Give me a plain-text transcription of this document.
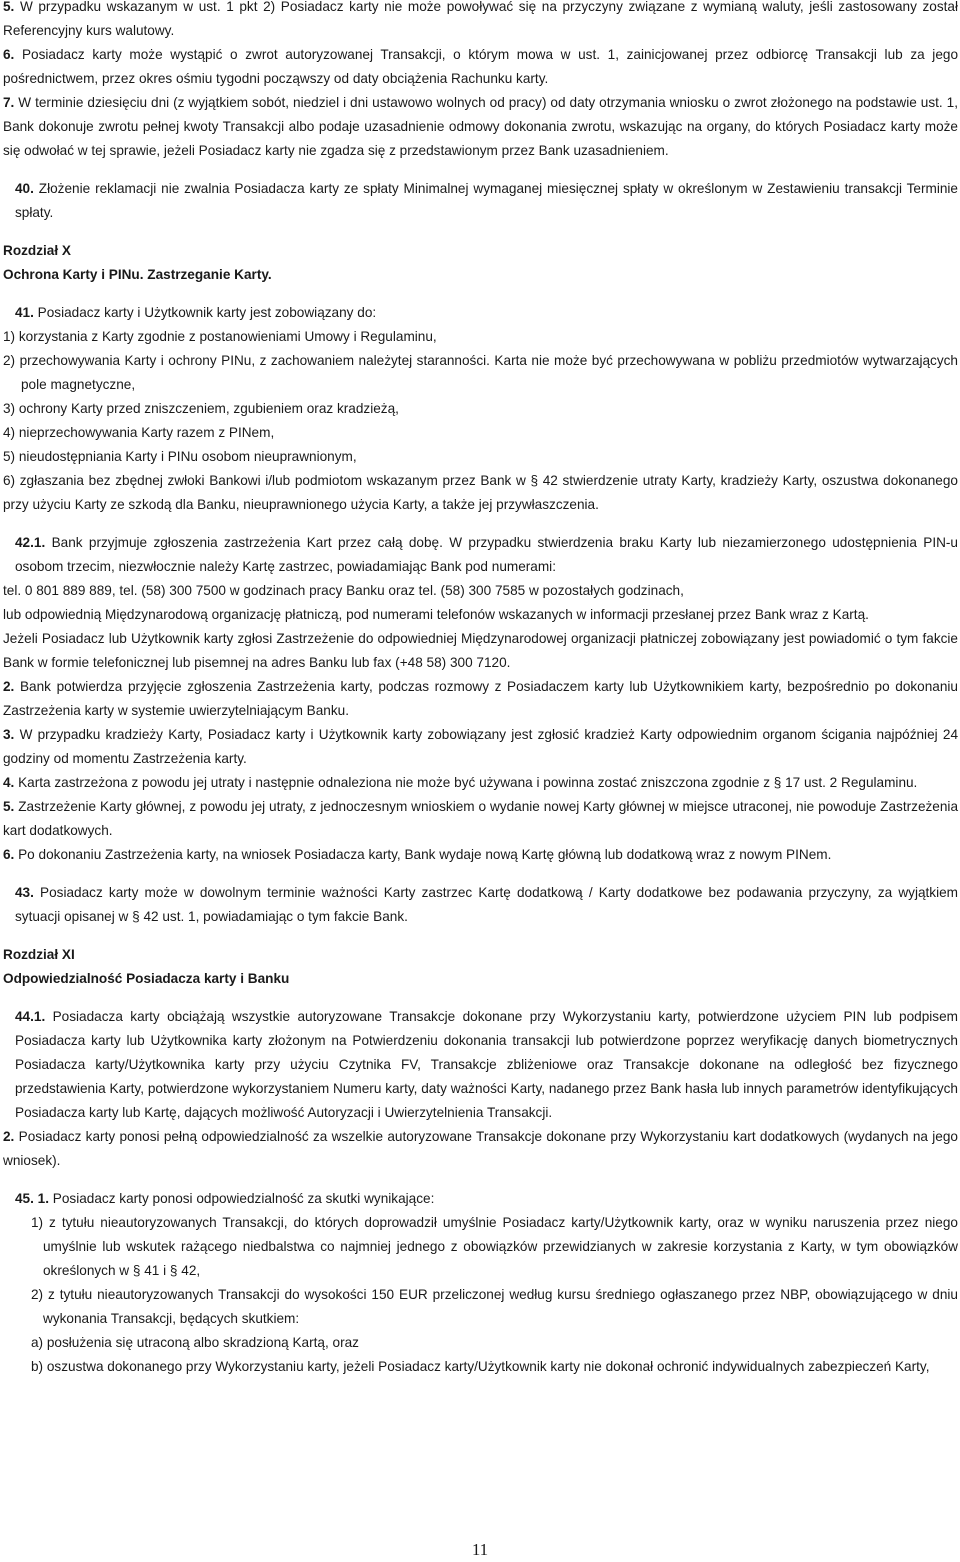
5. W przypadku wskazanym w ust. 1 pkt 2) Posiadacz karty nie może powoływać się na przyczyny związane z wymianą waluty, jeśli zastosowany został Referencyjny kurs walutowy.

6. Posiadacz karty może wystąpić o zwrot autoryzowanej Transakcji, o którym mowa w ust. 1, zainicjowanej przez odbiorcę Transakcji lub za jego pośrednictwem, przez okres ośmiu tygodni począwszy od daty obciążenia Rachunku karty.

7. W terminie dziesięciu dni (z wyjątkiem sobót, niedziel i dni ustawowo wolnych od pracy) od daty otrzymania wniosku o zwrot złożonego na podstawie ust. 1, Bank dokonuje zwrotu pełnej kwoty Transakcji albo podaje uzasadnienie odmowy dokonania zwrotu, wskazując na organy, do których Posiadacz karty może się odwołać w tej sprawie, jeżeli Posiadacz karty nie zgadza się z przedstawionym przez Bank uzasadnieniem.

40. Złożenie reklamacji nie zwalnia Posiadacza karty ze spłaty Minimalnej wymaganej miesięcznej spłaty w określonym w Zestawieniu transakcji Terminie spłaty.

Rozdział X

Ochrona Karty i PINu. Zastrzeganie Karty.

41. Posiadacz karty i Użytkownik karty jest zobowiązany do:

1) korzystania z Karty zgodnie z postanowieniami Umowy i Regulaminu,

2) przechowywania Karty i ochrony PINu, z zachowaniem należytej staranności. Karta nie może być przechowywana w pobliżu przedmiotów wytwarzających pole magnetyczne,

3) ochrony Karty przed zniszczeniem, zgubieniem oraz kradzieżą,

4) nieprzechowywania Karty razem z PINem,

5) nieudostępniania Karty i PINu osobom nieuprawnionym,

6) zgłaszania bez zbędnej zwłoki Bankowi i/lub podmiotom wskazanym przez Bank w § 42 stwierdzenie utraty Karty, kradzieży Karty, oszustwa dokonanego przy użyciu Karty ze szkodą dla Banku, nieuprawnionego użycia Karty, a także jej przywłaszczenia.

42.1. Bank przyjmuje zgłoszenia zastrzeżenia Kart przez całą dobę. W przypadku stwierdzenia braku Karty lub niezamierzonego udostępnienia PIN-u osobom trzecim, niezwłocznie należy Kartę zastrzec, powiadamiając Bank pod numerami:

tel. 0 801 889 889, tel. (58) 300 7500 w godzinach pracy Banku oraz tel. (58) 300 7585 w pozostałych godzinach,

lub odpowiednią Międzynarodową organizację płatniczą, pod numerami telefonów wskazanych w informacji przesłanej przez Bank wraz z Kartą.

Jeżeli Posiadacz lub Użytkownik karty zgłosi Zastrzeżenie do odpowiedniej Międzynarodowej organizacji płatniczej zobowiązany jest powiadomić o tym fakcie Bank w formie telefonicznej lub pisemnej na adres Banku lub fax (+48 58) 300 7120.

2. Bank potwierdza przyjęcie zgłoszenia Zastrzeżenia karty, podczas rozmowy z Posiadaczem karty lub Użytkownikiem karty, bezpośrednio po dokonaniu Zastrzeżenia karty w systemie uwierzytelniającym Banku.

3. W przypadku kradzieży Karty, Posiadacz karty i Użytkownik karty zobowiązany jest zgłosić kradzież Karty odpowiednim organom ścigania najpóźniej 24 godziny od momentu Zastrzeżenia karty.

4. Karta zastrzeżona z powodu jej utraty i następnie odnaleziona nie może być używana i powinna zostać zniszczona zgodnie z § 17 ust. 2 Regulaminu.

5. Zastrzeżenie Karty głównej, z powodu jej utraty, z jednoczesnym wnioskiem o wydanie nowej Karty głównej w miejsce utraconej, nie powoduje Zastrzeżenia kart dodatkowych.

6. Po dokonaniu Zastrzeżenia karty, na wniosek Posiadacza karty, Bank wydaje nową Kartę główną lub dodatkową wraz z nowym PINem.

43. Posiadacz karty może w dowolnym terminie ważności Karty zastrzec Kartę dodatkową / Karty dodatkowe bez podawania przyczyny, za wyjątkiem sytuacji opisanej w § 42 ust. 1, powiadamiając o tym fakcie Bank.

Rozdział XI

Odpowiedzialność Posiadacza karty i Banku

44.1. Posiadacza karty obciążają wszystkie autoryzowane Transakcje dokonane przy Wykorzystaniu karty, potwierdzone użyciem PIN lub podpisem Posiadacza karty lub Użytkownika karty złożonym na Potwierdzeniu dokonania transakcji lub potwierdzone poprzez weryfikację danych biometrycznych Posiadacza karty/Użytkownika karty przy użyciu Czytnika FV, Transakcje zbliżeniowe oraz Transakcje dokonane na odległość bez fizycznego przedstawienia Karty, potwierdzone wykorzystaniem Numeru karty, daty ważności Karty, nadanego przez Bank hasła lub innych parametrów identyfikujących Posiadacza karty lub Kartę, dających możliwość Autoryzacji i Uwierzytelnienia Transakcji.

2. Posiadacz karty ponosi pełną odpowiedzialność za wszelkie autoryzowane Transakcje dokonane przy Wykorzystaniu kart dodatkowych (wydanych na jego wniosek).

45. 1. Posiadacz karty ponosi odpowiedzialność za skutki wynikające:

1) z tytułu nieautoryzowanych Transakcji, do których doprowadził umyślnie Posiadacz karty/Użytkownik karty, oraz w wyniku naruszenia przez niego umyślnie lub wskutek rażącego niedbalstwa co najmniej jednego z obowiązków przewidzianych w zakresie korzystania z Karty, w tym obowiązków określonych w § 41 i § 42,

2) z tytułu nieautoryzowanych Transakcji do wysokości 150 EUR przeliczonej według kursu średniego ogłaszanego przez NBP, obowiązującego w dniu wykonania Transakcji, będących skutkiem:

a) posłużenia się utraconą albo skradzioną Kartą, oraz

b) oszustwa dokonanego przy Wykorzystaniu karty, jeżeli Posiadacz karty/Użytkownik karty nie dokonał ochronić indywidualnych zabezpieczeń Karty,

11
